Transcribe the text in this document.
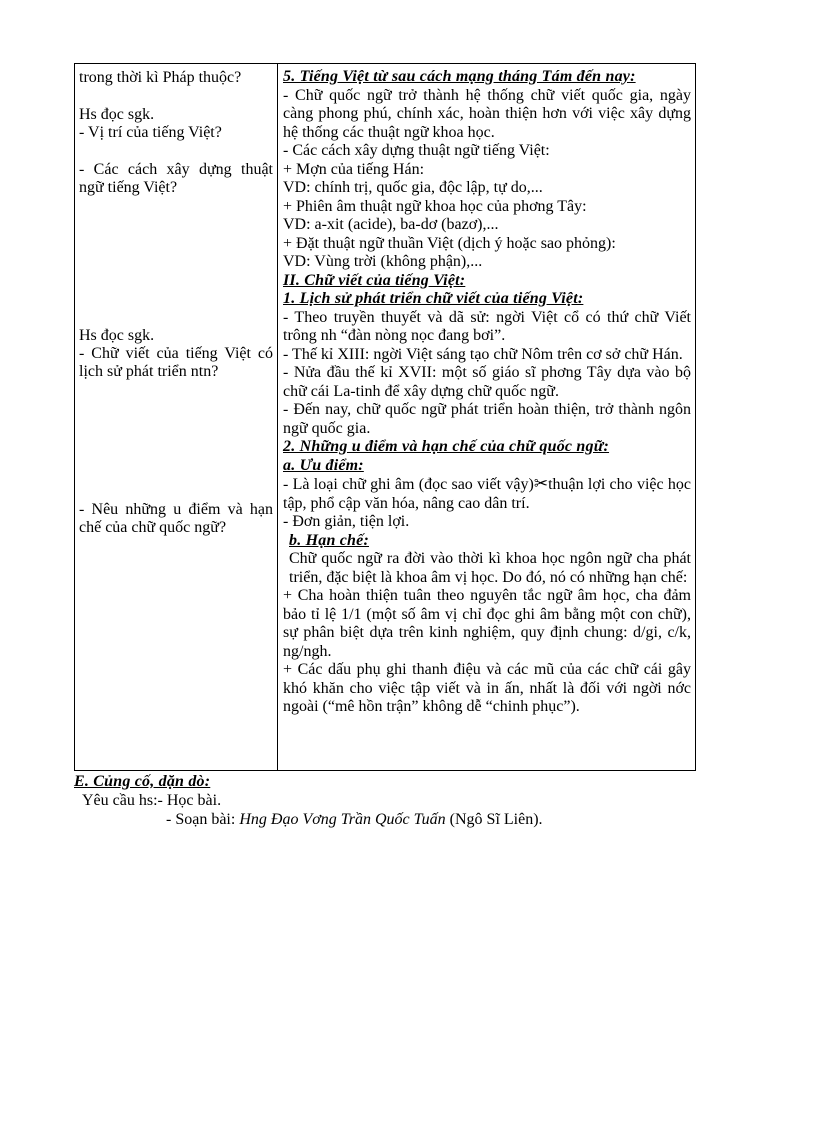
trong thời kì Pháp thuộc?

Hs đọc sgk.

- Vị trí của tiếng Việt?

- Các cách xây dựng thuật ngữ tiếng Việt?

Hs đọc sgk.

- Chữ viết của tiếng Việt có lịch sử phát triển ntn?

- Nêu những u điểm và hạn chế của chữ quốc ngữ?

5. Tiếng Việt từ sau cách mạng tháng Tám đến nay:

- Chữ quốc ngữ trở thành hệ thống chữ viết quốc gia, ngày càng phong phú, chính xác, hoàn thiện hơn với việc xây dựng hệ thống các thuật ngữ khoa học.

- Các cách xây dựng thuật ngữ tiếng Việt:

+ Mợn của tiếng Hán:

VD: chính trị, quốc gia, độc lập, tự do,...

+ Phiên âm thuật ngữ khoa học của phơng Tây:

VD: a-xit (acide), ba-dơ (bazơ),...

+ Đặt thuật ngữ thuần Việt (dịch ý hoặc sao phỏng):

VD: Vùng trời (không phận),...

II. Chữ viết của tiếng Việt:

1. Lịch sử phát triển chữ viết của tiếng Việt:

- Theo truyền thuyết và dã sử: ngời Việt cổ có thứ chữ Viết trông nh “đàn nòng nọc đang bơi”.

- Thế kỉ XIII: ngời Việt sáng tạo chữ Nôm trên cơ sở chữ Hán.

- Nửa đầu thế kỉ XVII: một số giáo sĩ phơng Tây dựa vào bộ chữ cái La-tinh để xây dựng chữ quốc ngữ.

- Đến nay, chữ quốc ngữ phát triển hoàn thiện, trở thành ngôn ngữ quốc gia.

2. Những u điểm và hạn chế của chữ quốc ngữ:

a. Ưu điểm:

- Là loại chữ ghi âm (đọc sao viết vậy)✂thuận lợi cho việc học tập, phổ cập văn hóa, nâng cao dân trí.

- Đơn giản, tiện lợi.

b. Hạn chế:

Chữ quốc ngữ ra đời vào thời kì khoa học ngôn ngữ cha phát triển, đặc biệt là khoa âm vị học. Do đó, nó có những hạn chế:

+ Cha hoàn thiện tuân theo nguyên tắc ngữ âm học, cha đảm bảo tỉ lệ 1/1 (một số âm vị chỉ đọc ghi âm bằng một con chữ), sự phân biệt dựa trên kinh nghiệm, quy định chung: d/gi, c/k, ng/ngh.

+ Các dấu phụ ghi thanh điệu và các mũ của các chữ cái gây khó khăn cho việc tập viết và in ấn, nhất là đối với ngời nớc ngoài (“mê hồn trận” không dễ “chinh phục”).

E. Củng cố, dặn dò:

Yêu cầu hs:- Học bài.

- Soạn bài: Hng Đạo Vơng Trần Quốc Tuấn (Ngô Sĩ Liên).
